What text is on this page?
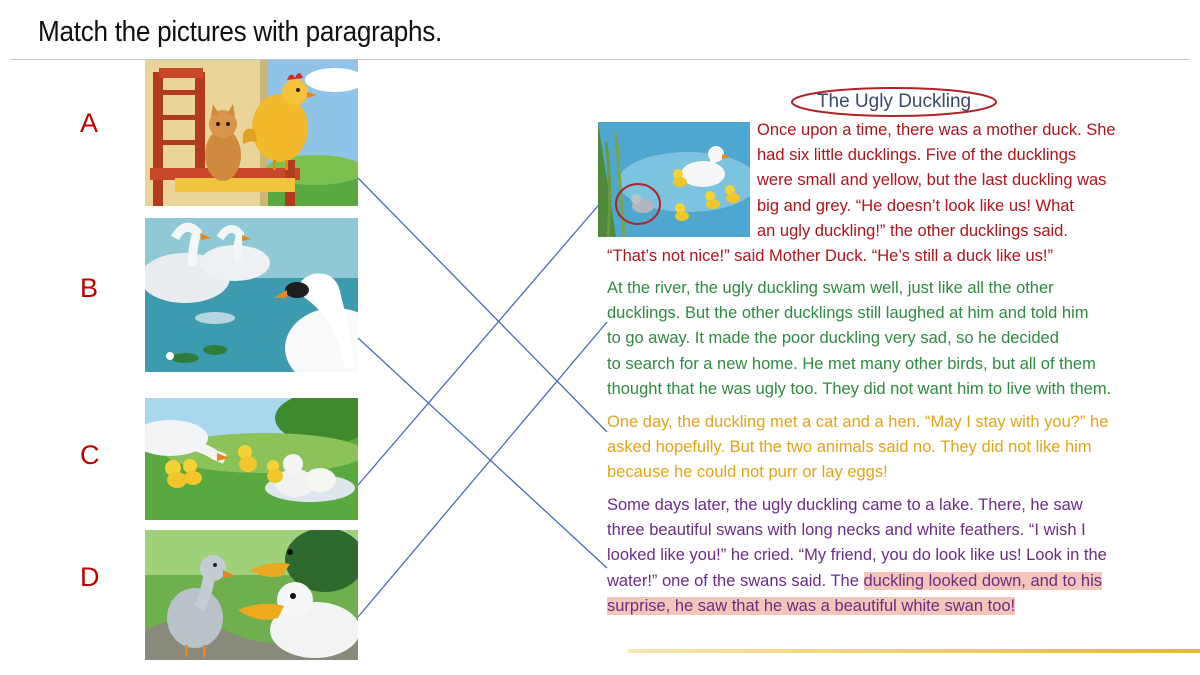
Match the pictures with paragraphs.
A
B
C
D
The Ugly Duckling
Once upon a time, there was a mother duck. She
had six little ducklings. Five of the ducklings
were small and yellow, but the last duckling was
big and grey. “He doesn’t look like us! What
an ugly duckling!” the other ducklings said.
“That’s not nice!” said Mother Duck. “He’s still a duck like us!”
At the river, the ugly duckling swam well, just like all the other
ducklings. But the other ducklings still laughed at him and told him
to go away. It made the poor duckling very sad, so he decided
to search for a new home. He met many other birds, but all of them
thought that he was ugly too. They did not want him to live with them.
One day, the duckling met a cat and a hen. “May I stay with you?” he
asked hopefully. But the two animals said no. They did not like him
because he could not purr or lay eggs!
Some days later, the ugly duckling came to a lake. There, he saw
three beautiful swans with long necks and white feathers. “I wish I
looked like you!” he cried. “My friend, you do look like us! Look in the
water!” one of the swans said. The duckling looked down, and to his
surprise, he saw that he was a beautiful white swan too!
